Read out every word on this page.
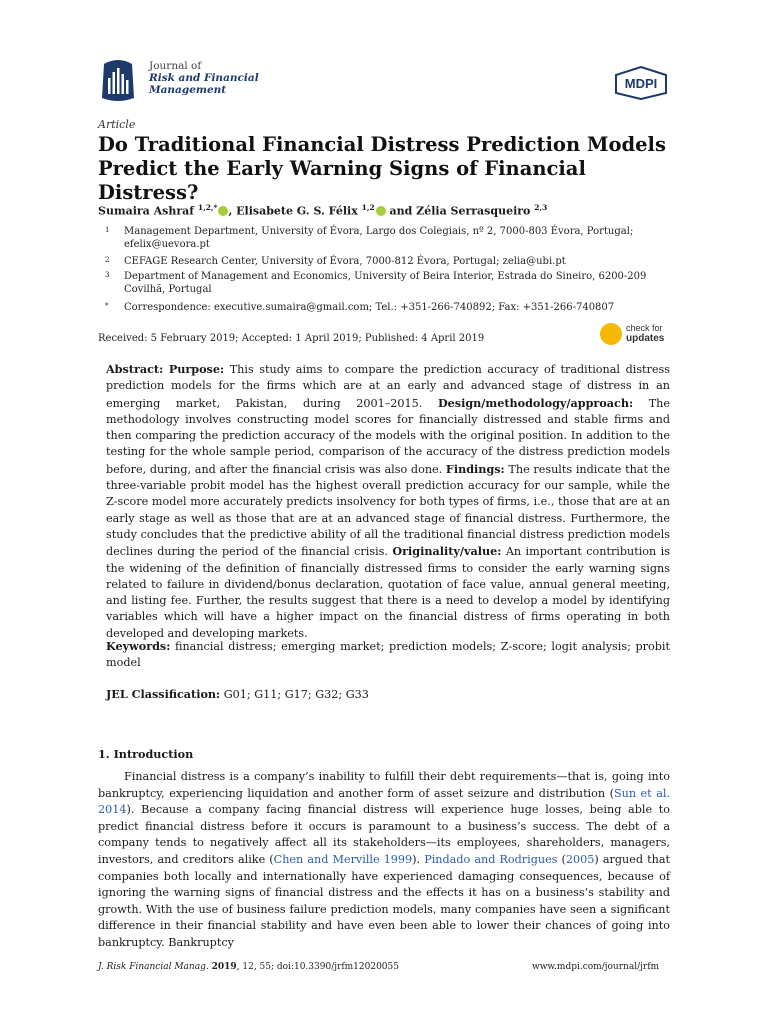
Journal of
Risk and Financial
Management	MDPI
Article
Do Traditional Financial Distress Prediction Models Predict the Early Warning Signs of Financial Distress?
Sumaira Ashraf $^{1,2,*}$ , Elisabete G. S. Félix $^{1,2}$ and Zélia Serrasqueiro $^{2,3}$
1 Management Department, University of Évora, Largo dos Colegiais, nº 2, 7000-803 Évora, Portugal; efelix@uevora.pt
2 CEFAGE Research Center, University of Évora, 7000-812 Évora, Portugal; zelia@ubi.pt
3 Department of Management and Economics, University of Beira Interior, Estrada do Sineiro, 6200-209 Covilhã, Portugal
* Correspondence: executive.sumaira@gmail.com; Tel.: +351-266-740892; Fax: +351-266-740807
Received: 5 February 2019; Accepted: 1 April 2019; Published: 4 April 2019
check for
updates
Abstract: Purpose: This study aims to compare the prediction accuracy of traditional distress prediction models for the firms which are at an early and advanced stage of distress in an emerging market, Pakistan, during 2001–2015. Design/methodology/approach: The methodology involves constructing model scores for financially distressed and stable firms and then comparing the prediction accuracy of the models with the original position. In addition to the testing for the whole sample period, comparison of the accuracy of the distress prediction models before, during, and after the financial crisis was also done. Findings: The results indicate that the three-variable probit model has the highest overall prediction accuracy for our sample, while the Z-score model more accurately predicts insolvency for both types of firms, i.e., those that are at an early stage as well as those that are at an advanced stage of financial distress. Furthermore, the study concludes that the predictive ability of all the traditional financial distress prediction models declines during the period of the financial crisis. Originality/value: An important contribution is the widening of the definition of financially distressed firms to consider the early warning signs related to failure in dividend/bonus declaration, quotation of face value, annual general meeting, and listing fee. Further, the results suggest that there is a need to develop a model by identifying variables which will have a higher impact on the financial distress of firms operating in both developed and developing markets.
Keywords: financial distress; emerging market; prediction models; Z-score; logit analysis; probit model
JEL Classification: G01; G11; G17; G32; G33
1. Introduction
Financial distress is a company’s inability to fulfill their debt requirements—that is, going into bankruptcy, experiencing liquidation and another form of asset seizure and distribution (Sun et al. 2014). Because a company facing financial distress will experience huge losses, being able to predict financial distress before it occurs is paramount to a business’s success. The debt of a company tends to negatively affect all its stakeholders—its employees, shareholders, managers, investors, and creditors alike (Chen and Merville 1999). Pindado and Rodrigues (2005) argued that companies both locally and internationally have experienced damaging consequences, because of ignoring the warning signs of financial distress and the effects it has on a business’s stability and growth. With the use of business failure prediction models, many companies have seen a significant difference in their financial stability and have even been able to lower their chances of going into bankruptcy. Bankruptcy
J. Risk Financial Manag. 2019, 12, 55; doi:10.3390/jrfm12020055	www.mdpi.com/journal/jrfm
